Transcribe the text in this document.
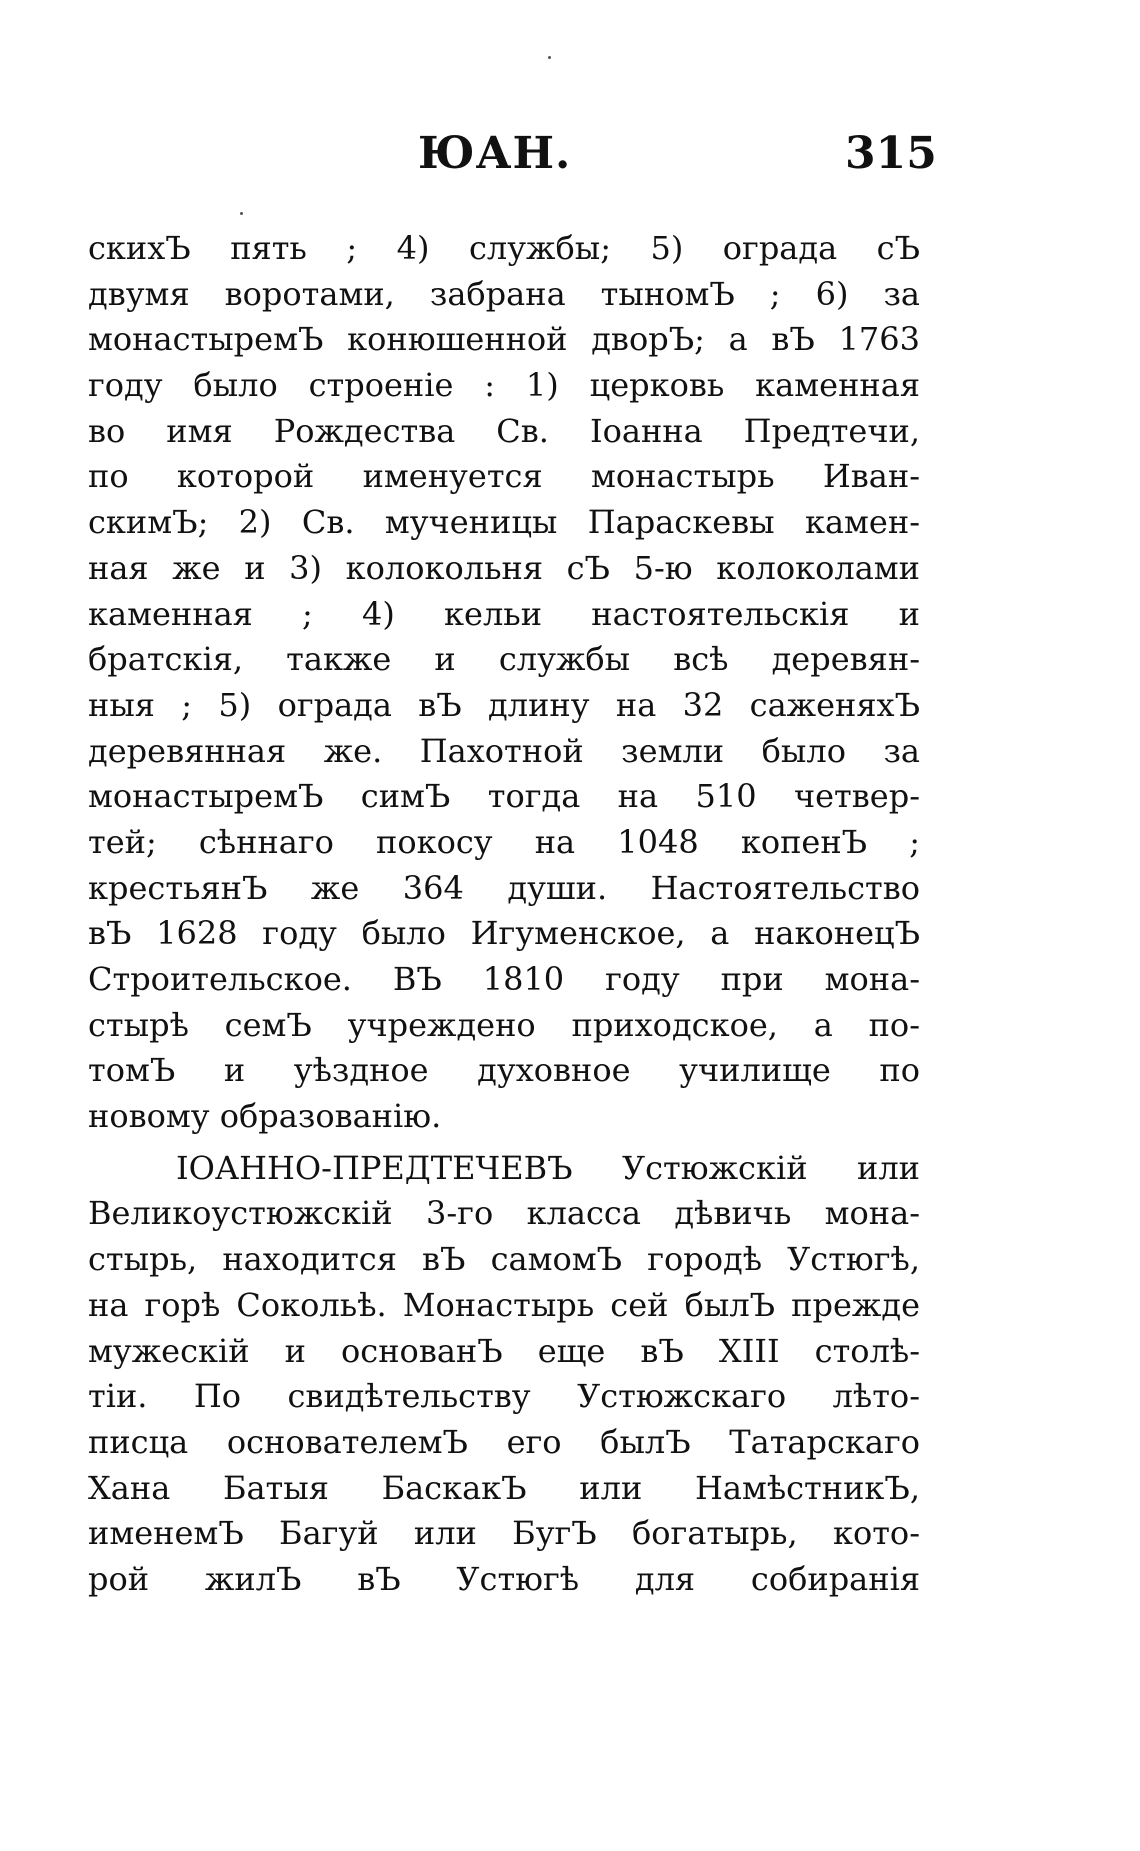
ЮАН.	315
скихЪ пять ; 4) службы; 5) ограда сЪ
двумя воротами, забрана тыномЪ ; 6) за
монастыремЪ конюшенной дворЪ; а вЪ 1763
году было строеніе : 1) церковь каменная
во имя Рождества Св. Іоанна Предтечи,
по которой именуется монастырь Иван-
скимЪ; 2) Св. мученицы Параскевы камен-
ная же и 3) колокольня сЪ 5-ю колоколами
каменная ; 4) кельи настоятельскія и
братскія, также и службы всѣ деревян-
ныя ; 5) ограда вЪ длину на 32 саженяхЪ
деревянная же. Пахотной земли было за
монастыремЪ симЪ тогда на 510 четвер-
тей; сѣннаго покосу на 1048 копенЪ ;
крестьянЪ же 364 души. Настоятельство
вЪ 1628 году было Игуменское, а наконецЪ
Строительское. ВЪ 1810 году при мона-
стырѣ семЪ учреждено приходское, а по-
томЪ и уѣздное духовное училище по
новому образованію.
ІОАННО-ПРЕДТЕЧЕВЪ Устюжскій или
Великоустюжскій 3-го класса дѣвичь мона-
стырь, находится вЪ самомЪ городѣ Устюгѣ,
на горѣ Сокольѣ. Монастырь сей былЪ прежде
мужескій и основанЪ еще вЪ XIII столѣ-
тіи. По свидѣтельству Устюжскаго лѣто-
писца основателемЪ его былЪ Татарскаго
Хана Батыя БаскакЪ или НамѣстникЪ,
именемЪ Багуй или БугЪ богатырь, кото-
рой жилЪ вЪ Устюгѣ для собиранія
